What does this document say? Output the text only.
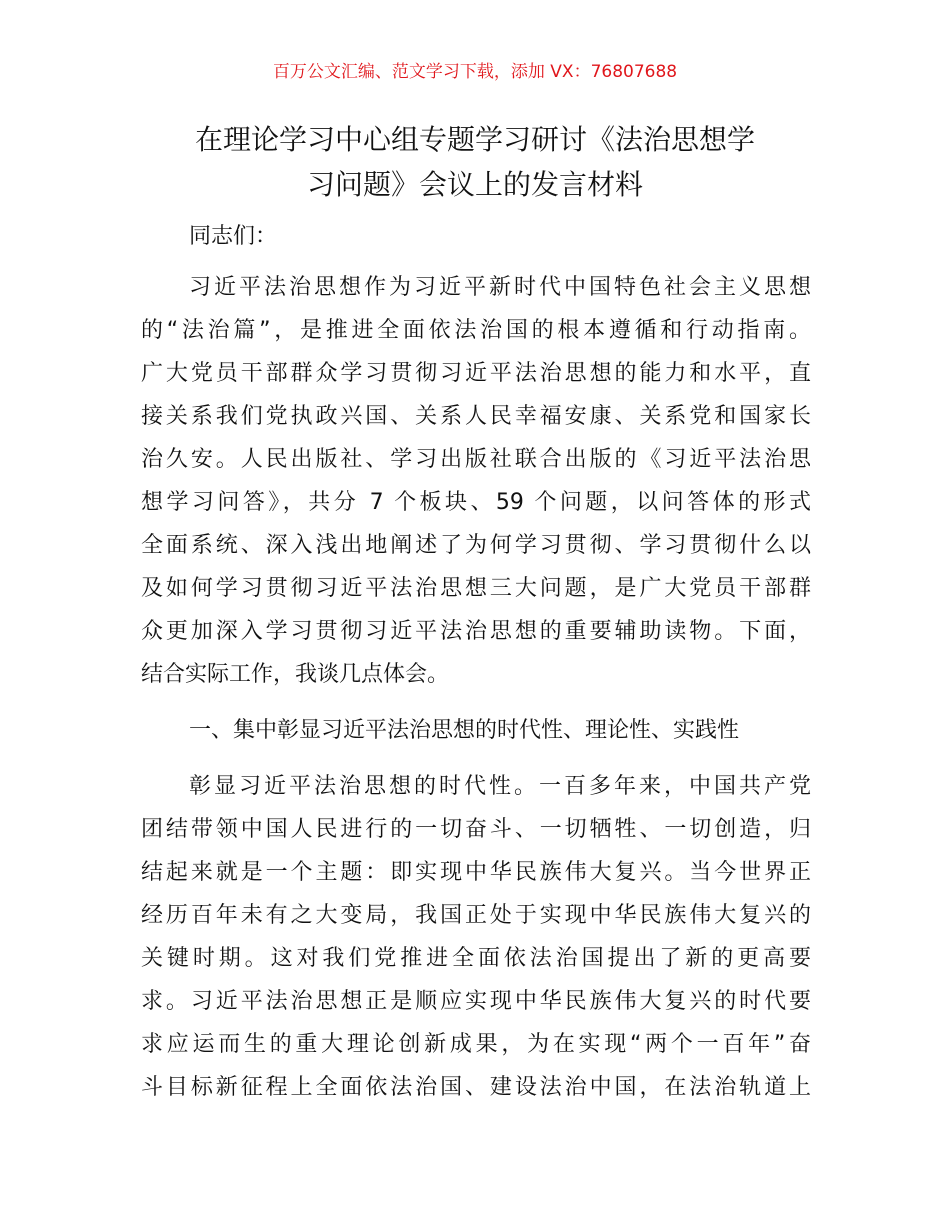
百万公文汇编、范文学习下载，添加 VX：76807688
在理论学习中心组专题学习研讨《法治思想学
习问题》会议上的发言材料
同志们：
习近平法治思想作为习近平新时代中国特色社会主义思想
的“法治篇”，是推进全面依法治国的根本遵循和行动指南。
广大党员干部群众学习贯彻习近平法治思想的能力和水平，直
接关系我们党执政兴国、关系人民幸福安康、关系党和国家长
治久安。人民出版社、学习出版社联合出版的《习近平法治思
想学习问答》，共分 7 个板块、59 个问题，以问答体的形式
全面系统、深入浅出地阐述了为何学习贯彻、学习贯彻什么以
及如何学习贯彻习近平法治思想三大问题，是广大党员干部群
众更加深入学习贯彻习近平法治思想的重要辅助读物。下面，
结合实际工作，我谈几点体会。
一、集中彰显习近平法治思想的时代性、理论性、实践性
彰显习近平法治思想的时代性。一百多年来，中国共产党
团结带领中国人民进行的一切奋斗、一切牺牲、一切创造，归
结起来就是一个主题：即实现中华民族伟大复兴。当今世界正
经历百年未有之大变局，我国正处于实现中华民族伟大复兴的
关键时期。这对我们党推进全面依法治国提出了新的更高要
求。习近平法治思想正是顺应实现中华民族伟大复兴的时代要
求应运而生的重大理论创新成果，为在实现“两个一百年”奋
斗目标新征程上全面依法治国、建设法治中国，在法治轨道上
